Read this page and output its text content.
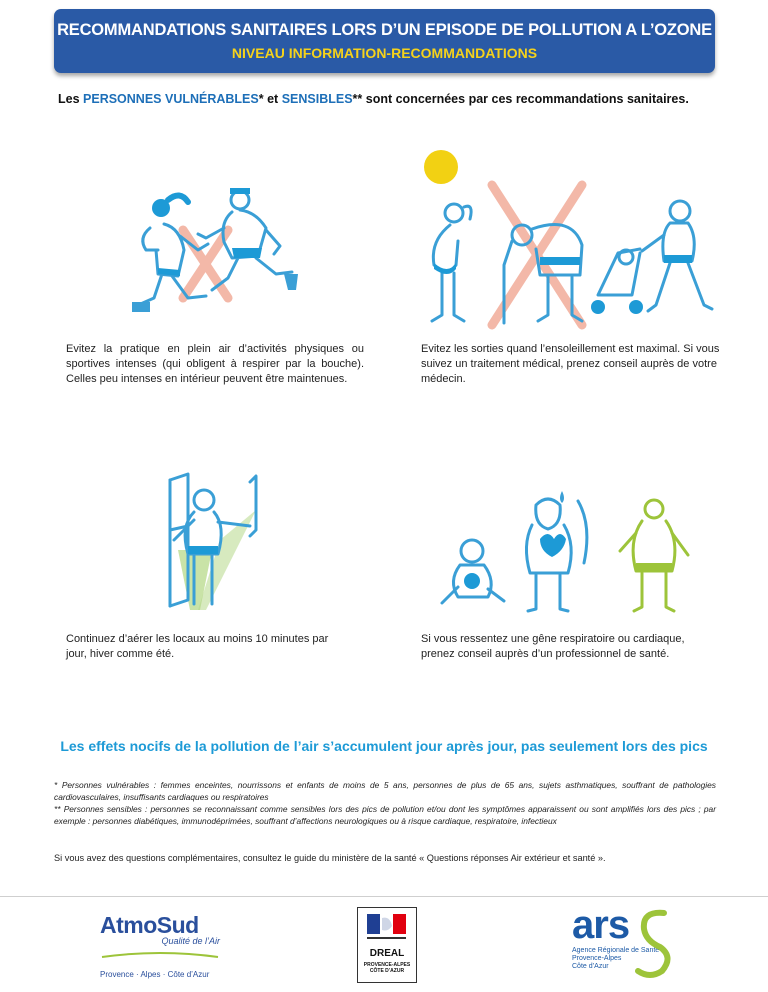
RECOMMANDATIONS SANITAIRES LORS D’UN EPISODE DE POLLUTION A L’OZONE
NIVEAU INFORMATION-RECOMMANDATIONS
Les PERSONNES VULNÉRABLES* et SENSIBLES** sont concernées par ces recommandations sanitaires.
Evitez la pratique en plein air d’activités physiques ou sportives intenses (qui obligent à respirer par la bouche). Celles peu intenses en intérieur peuvent être maintenues.
Evitez les sorties quand l’ensoleillement est maximal. Si vous suivez un traitement médical, prenez conseil auprès de votre médecin.
Continuez d’aérer les locaux au moins 10 minutes par jour, hiver comme été.
Si vous ressentez une gêne respiratoire ou cardiaque, prenez conseil auprès d’un professionnel de santé.
Les effets nocifs de la pollution de l’air s’accumulent jour après jour, pas seulement lors des pics
* Personnes vulnérables : femmes enceintes, nourrissons et enfants de moins de 5 ans, personnes de plus de 65 ans, sujets asthmatiques, souffrant de pathologies cardiovasculaires, insuffisants cardiaques ou respiratoires
** Personnes sensibles : personnes se reconnaissant comme sensibles lors des pics de pollution et/ou dont les symptômes apparaissent ou sont amplifiés lors des pics ; par exemple : personnes diabétiques, immunodéprimées, souffrant d’affections neurologiques ou à risque cardiaque, respiratoire, infectieux
Si vous avez des questions complémentaires, consultez le guide du ministère de la santé « Questions réponses Air extérieur et santé ».
AtmoSud
Qualité de l’Air
Provence · Alpes · Côte d’Azur
DREAL
PROVENCE-ALPES
CÔTE D’AZUR
ars
Agence Régionale de Santé
Provence-Alpes
Côte d’Azur
